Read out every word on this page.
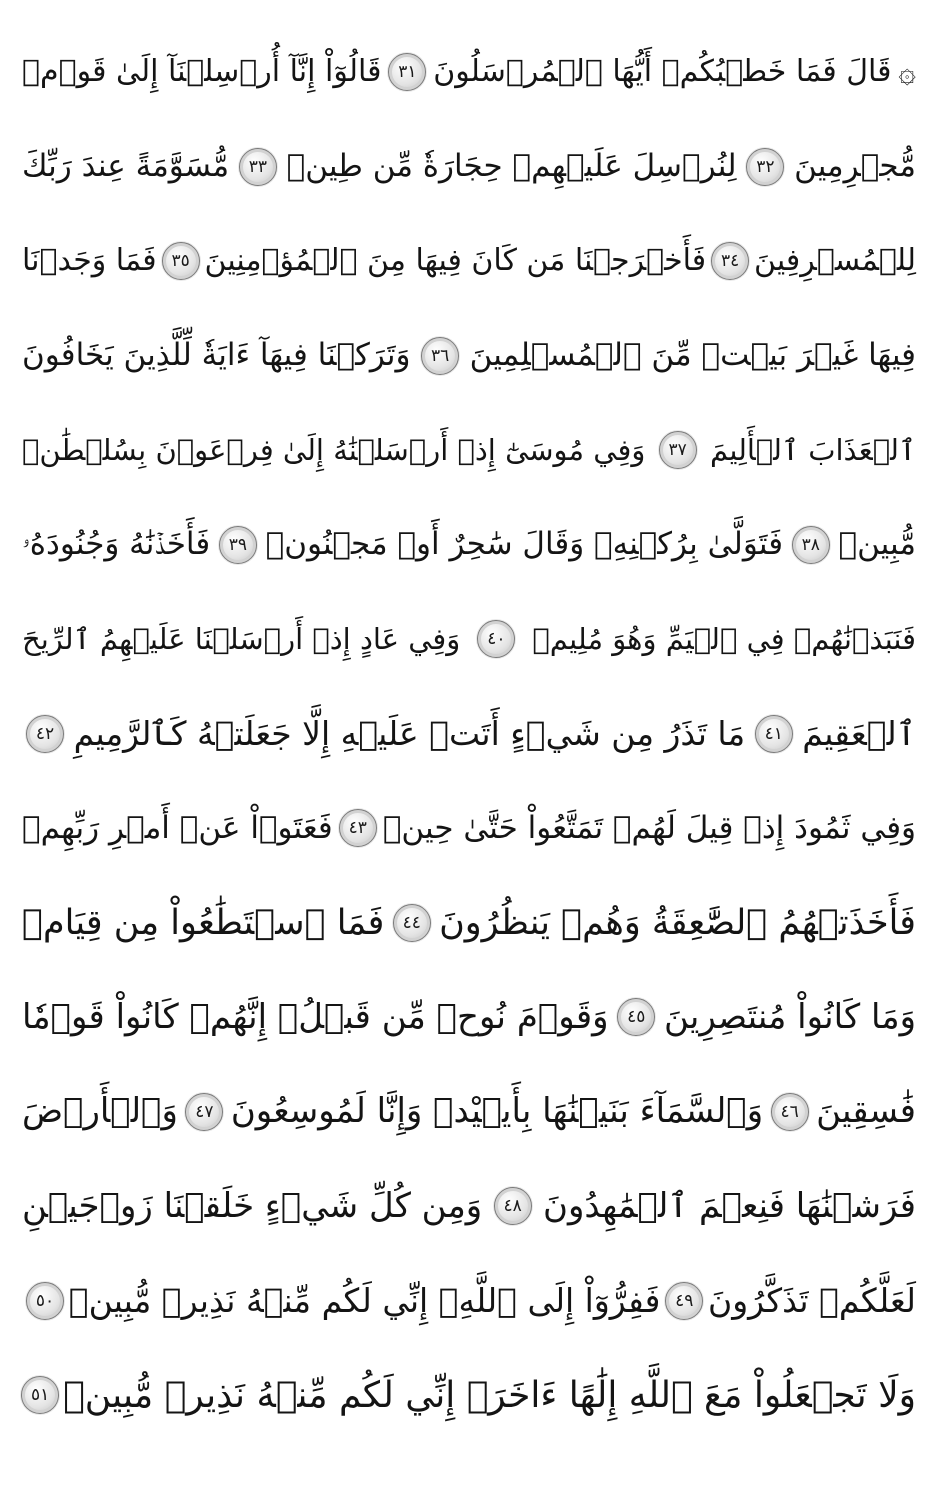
۞
قَالَ فَمَا خَطۡبُكُمۡ أَيُّهَا ٱلۡمُرۡسَلُونَ
٣١
قَالُوٓاْ إِنَّآ أُرۡسِلۡنَآ إِلَىٰ قَوۡمٖ
مُّجۡرِمِينَ
٣٢
لِنُرۡسِلَ عَلَيۡهِمۡ حِجَارَةٗ مِّن طِينٖ
٣٣
مُّسَوَّمَةً عِندَ رَبِّكَ
لِلۡمُسۡرِفِينَ
٣٤
فَأَخۡرَجۡنَا مَن كَانَ فِيهَا مِنَ ٱلۡمُؤۡمِنِينَ
٣٥
فَمَا وَجَدۡنَا
فِيهَا غَيۡرَ بَيۡتٖ مِّنَ ٱلۡمُسۡلِمِينَ
٣٦
وَتَرَكۡنَا فِيهَآ ءَايَةٗ لِّلَّذِينَ يَخَافُونَ
ٱلۡعَذَابَ ٱلۡأَلِيمَ
٣٧
وَفِي مُوسَىٰٓ إِذۡ أَرۡسَلۡنَٰهُ إِلَىٰ فِرۡعَوۡنَ بِسُلۡطَٰنٖ
مُّبِينٖ
٣٨
فَتَوَلَّىٰ بِرُكۡنِهِۦ وَقَالَ سَٰحِرٌ أَوۡ مَجۡنُونٞ
٣٩
فَأَخَذۡنَٰهُ وَجُنُودَهُۥ
فَنَبَذۡنَٰهُمۡ فِي ٱلۡيَمِّ وَهُوَ مُلِيمٞ
٤٠
وَفِي عَادٍ إِذۡ أَرۡسَلۡنَا عَلَيۡهِمُ ٱلرِّيحَ
ٱلۡعَقِيمَ
٤١
مَا تَذَرُ مِن شَيۡءٍ أَتَتۡ عَلَيۡهِ إِلَّا جَعَلَتۡهُ كَٱلرَّمِيمِ
٤٢
وَفِي ثَمُودَ إِذۡ قِيلَ لَهُمۡ تَمَتَّعُواْ حَتَّىٰ حِينٖ
٤٣
فَعَتَوۡاْ عَنۡ أَمۡرِ رَبِّهِمۡ
فَأَخَذَتۡهُمُ ٱلصَّٰعِقَةُ وَهُمۡ يَنظُرُونَ
٤٤
فَمَا ٱسۡتَطَٰعُواْ مِن قِيَامٖ
وَمَا كَانُواْ مُنتَصِرِينَ
٤٥
وَقَوۡمَ نُوحٖ مِّن قَبۡلُۖ إِنَّهُمۡ كَانُواْ قَوۡمٗا
فَٰسِقِينَ
٤٦
وَٱلسَّمَآءَ بَنَيۡنَٰهَا بِأَيۡيْدٖ وَإِنَّا لَمُوسِعُونَ
٤٧
وَٱلۡأَرۡضَ
فَرَشۡنَٰهَا فَنِعۡمَ ٱلۡمَٰهِدُونَ
٤٨
وَمِن كُلِّ شَيۡءٍ خَلَقۡنَا زَوۡجَيۡنِ
لَعَلَّكُمۡ تَذَكَّرُونَ
٤٩
فَفِرُّوٓاْ إِلَى ٱللَّهِۖ إِنِّي لَكُم مِّنۡهُ نَذِيرٞ مُّبِينٞ
٥٠
وَلَا تَجۡعَلُواْ مَعَ ٱللَّهِ إِلَٰهًا ءَاخَرَۖ إِنِّي لَكُم مِّنۡهُ نَذِيرٞ مُّبِينٞ
٥١
